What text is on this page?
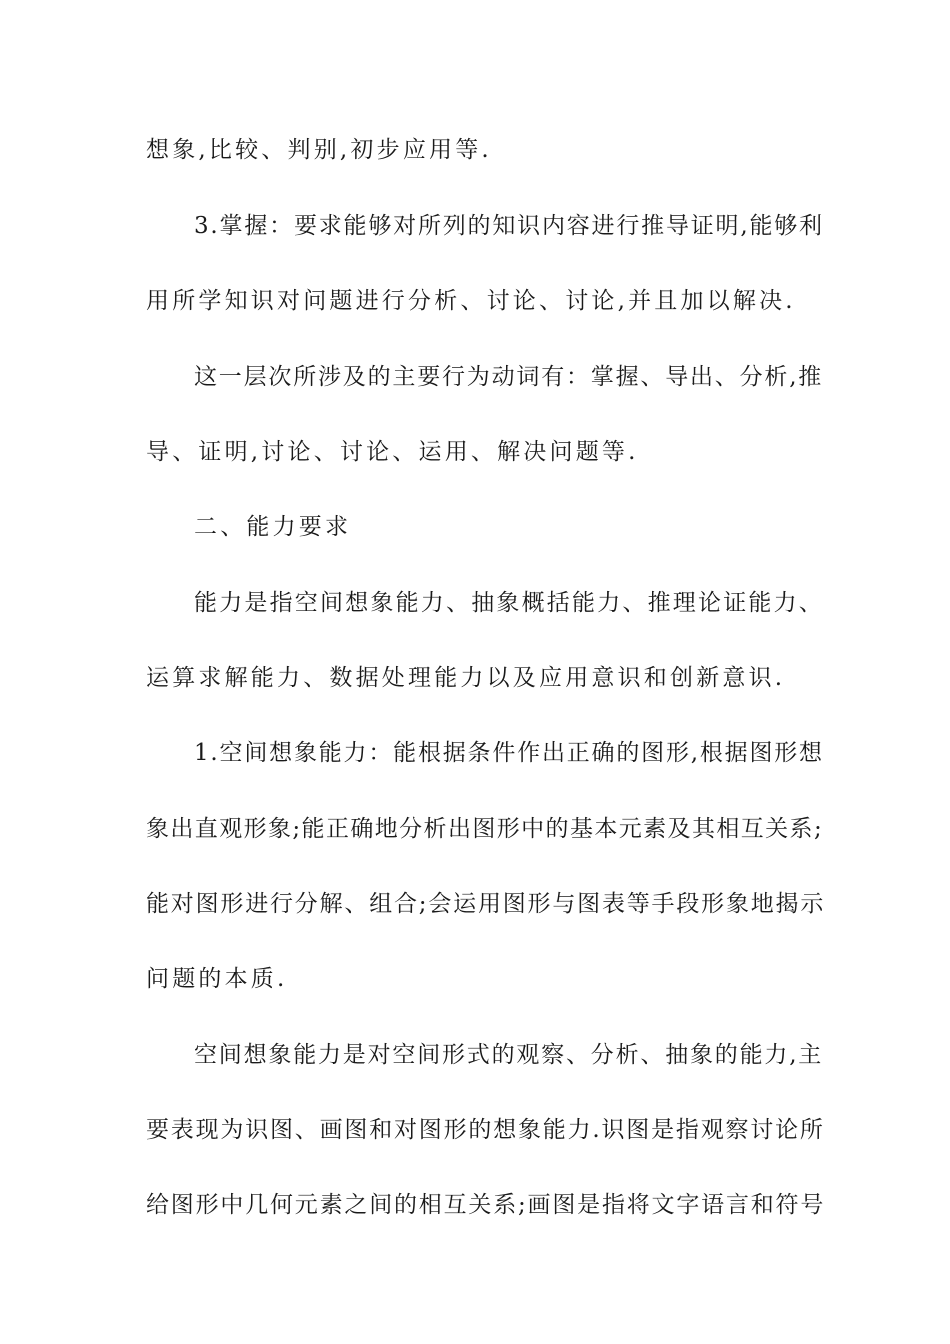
想象,比较、判别,初步应用等.
3.掌握：要求能够对所列的知识内容进行推导证明,能够利
用所学知识对问题进行分析、讨论、讨论,并且加以解决.
这一层次所涉及的主要行为动词有：掌握、导出、分析,推
导、证明,讨论、讨论、运用、解决问题等.
二、能力要求
能力是指空间想象能力、抽象概括能力、推理论证能力、
运算求解能力、数据处理能力以及应用意识和创新意识.
1.空间想象能力：能根据条件作出正确的图形,根据图形想
象出直观形象;能正确地分析出图形中的基本元素及其相互关系;
能对图形进行分解、组合;会运用图形与图表等手段形象地揭示
问题的本质.
空间想象能力是对空间形式的观察、分析、抽象的能力,主
要表现为识图、画图和对图形的想象能力.识图是指观察讨论所
给图形中几何元素之间的相互关系;画图是指将文字语言和符号
